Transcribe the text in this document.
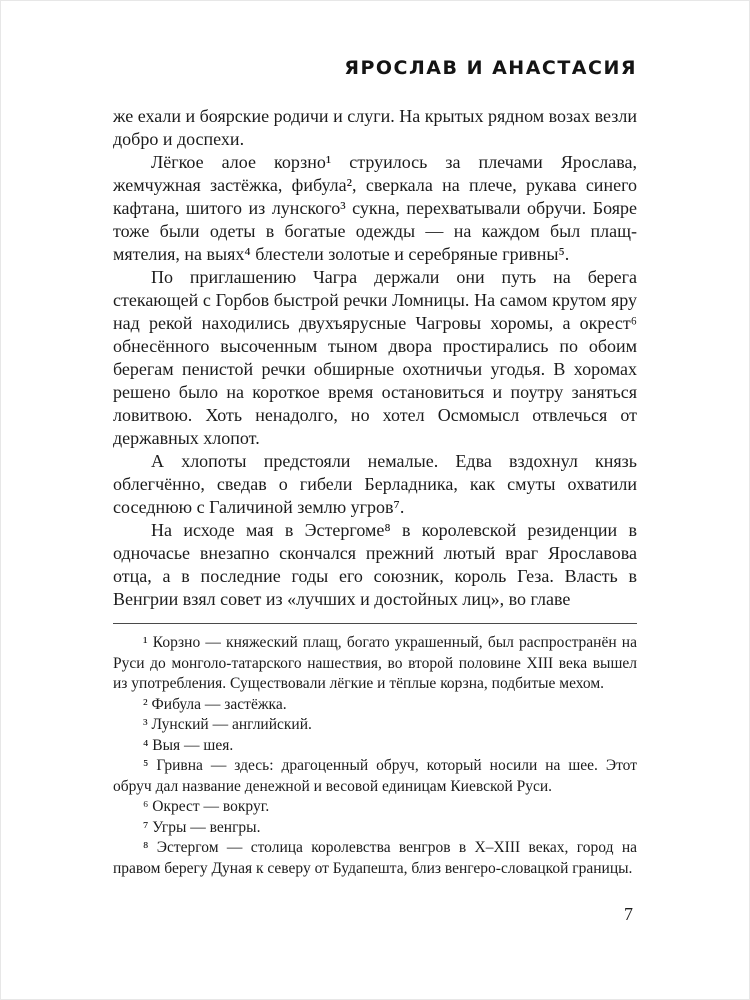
ЯРОСЛАВ И АНАСТАСИЯ

же ехали и боярские родичи и слуги. На крытых рядном возах везли добро и доспехи.

Лёгкое алое корзно¹ струилось за плечами Ярослава, жемчужная застёжка, фибула², сверкала на плече, рукава синего кафтана, шитого из лунского³ сукна, перехватывали обручи. Бояре тоже были одеты в богатые одежды — на каждом был плащ-мятелия, на выях⁴ блестели золотые и серебряные гривны⁵.

По приглашению Чагра держали они путь на берега стекающей с Горбов быстрой речки Ломницы. На самом крутом яру над рекой находились двухъярусные Чагровы хоромы, а окрест⁶ обнесённого высоченным тыном двора простирались по обоим берегам пенистой речки обширные охотничьи угодья. В хоромах решено было на короткое время остановиться и поутру заняться ловитвою. Хоть ненадолго, но хотел Осмомысл отвлечься от державных хлопот.

А хлопоты предстояли немалые. Едва вздохнул князь облегчённо, сведав о гибели Берладника, как смуты охватили соседнюю с Галичиной землю угров⁷.

На исходе мая в Эстергоме⁸ в королевской резиденции в одночасье внезапно скончался прежний лютый враг Ярославова отца, а в последние годы его союзник, король Геза. Власть в Венгрии взял совет из «лучших и достойных лиц», во главе

¹ Корзно — княжеский плащ, богато украшенный, был распространён на Руси до монголо-татарского нашествия, во второй половине XIII века вышел из употребления. Существовали лёгкие и тёплые корзна, подбитые мехом.

² Фибула — застёжка.

³ Лунский — английский.

⁴ Выя — шея.

⁵ Гривна — здесь: драгоценный обруч, который носили на шее. Этот обруч дал название денежной и весовой единицам Киевской Руси.

⁶ Окрест — вокруг.

⁷ Угры — венгры.

⁸ Эстергом — столица королевства венгров в X–XIII веках, город на правом берегу Дуная к северу от Будапешта, близ венгеро-словацкой границы.

7
